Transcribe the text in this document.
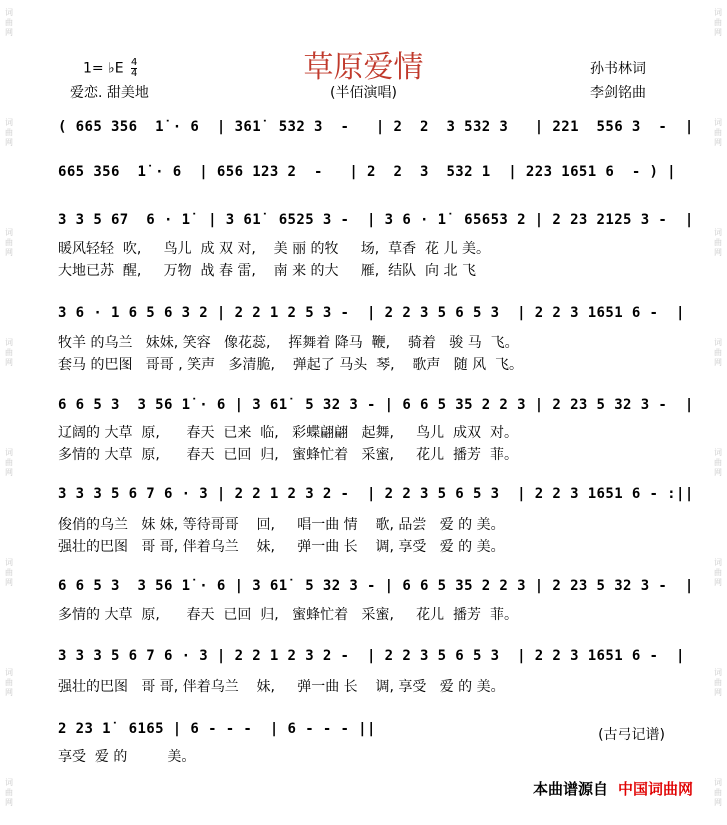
词曲网
词曲网
词曲网
词曲网
词曲网
词曲网
词曲网
词曲网
词曲网
词曲网
词曲网
词曲网
词曲网
词曲网
词曲网
词曲网
草原爱情
(半佰演唱)
1= ♭E $\frac{4}{4}$
爱恋. 甜美地
孙书林词
李剑铭曲
( 665 356  1̇ · 6  | 361̇  532 3  -   | 2  2  3 532 3   | 221  556 3  -  |
665 356  1̇ · 6  | 656 123 2  -   | 2  2  3  532 1  | 223 1651 6  - ) |
3 3 5 67  6 · 1̇  | 3 61̇  6525 3 -  | 3 6 · 1̇  65653 2 | 2 23 2125 3 -  |
暖风轻轻  吹,     鸟儿  成 双 对,    美 丽 的牧     场,  草香  花 儿 美。
大地已苏  醒,     万物  战 春 雷,    南 来 的大     雁,  结队  向 北 飞
3 6 · 1 6 5 6 3 2 | 2 2 1 2 5 3 -  | 2 2 3 5 6 5 3  | 2 2 3 1651 6 -  |
牧羊 的乌兰   妹妹, 笑容   像花蕊,    挥舞着 降马  鞭,    骑着   骏 马  飞。
套马 的巴图   哥哥 , 笑声   多清脆,    弹起了 马头  琴,    歌声   随 风  飞。
6 6 5 3  3 56 1̇ · 6 | 3 61̇  5 32 3 - | 6 6 5 35 2 2 3 | 2 23 5 32 3 -  |
辽阔的 大草  原,      春天  已来  临,   彩蝶翩翩   起舞,     鸟儿  成双  对。
多情的 大草  原,      春天  已回  归,   蜜蜂忙着   采蜜,     花儿  播芳  菲。
3 3 3 5 6 7 6 · 3 | 2 2 1 2 3 2 -  | 2 2 3 5 6 5 3  | 2 2 3 1651 6 - :||
俊俏的乌兰   妹 妹, 等待哥哥    回,     唱一曲 情    歌, 品尝   爱 的 美。
强壮的巴图   哥 哥, 伴着乌兰    妹,     弹一曲 长    调, 享受   爱 的 美。
6 6 5 3  3 56 1̇ · 6 | 3 61̇  5 32 3 - | 6 6 5 35 2 2 3 | 2 23 5 32 3 -  |
多情的 大草  原,      春天  已回  归,   蜜蜂忙着   采蜜,     花儿  播芳  菲。
3 3 3 5 6 7 6 · 3 | 2 2 1 2 3 2 -  | 2 2 3 5 6 5 3  | 2 2 3 1651 6 -  |
强壮的巴图   哥 哥, 伴着乌兰    妹,     弹一曲 长    调, 享受   爱 的 美。
2 23 1̇  6165 | 6 - - -  | 6 - - - ||
享受  爱 的         美。
(古弓记谱)
本曲谱源自 中国词曲网
